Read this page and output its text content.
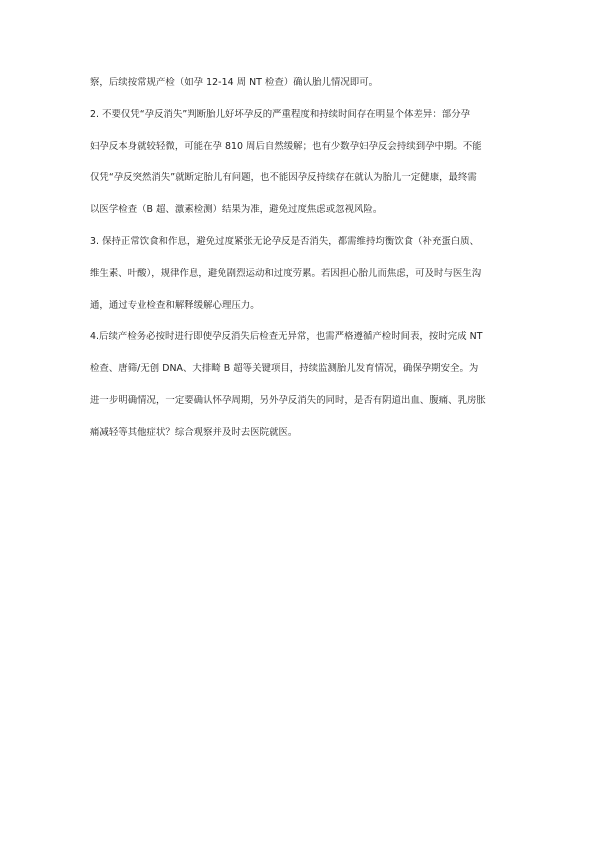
察，后续按常规产检（如孕 12-14 周 NT 检查）确认胎儿情况即可。
2. 不要仅凭“孕反消失”判断胎儿好坏孕反的严重程度和持续时间存在明显个体差异：部分孕
妇孕反本身就较轻微，可能在孕 810 周后自然缓解；也有少数孕妇孕反会持续到孕中期。不能
仅凭“孕反突然消失”就断定胎儿有问题，也不能因孕反持续存在就认为胎儿一定健康，最终需
以医学检查（B 超、激素检测）结果为准，避免过度焦虑或忽视风险。
3. 保持正常饮食和作息，避免过度紧张无论孕反是否消失，都需维持均衡饮食（补充蛋白质、
维生素、叶酸），规律作息，避免剧烈运动和过度劳累。若因担心胎儿而焦虑，可及时与医生沟
通，通过专业检查和解释缓解心理压力。
4.后续产检务必按时进行即使孕反消失后检查无异常，也需严格遵循产检时间表，按时完成 NT
检查、唐筛/无创 DNA、大排畸 B 超等关键项目，持续监测胎儿发育情况，确保孕期安全。为
进一步明确情况，一定要确认怀孕周期，另外孕反消失的同时，是否有阴道出血、腹痛、乳房胀
痛减轻等其他症状？综合观察并及时去医院就医。
